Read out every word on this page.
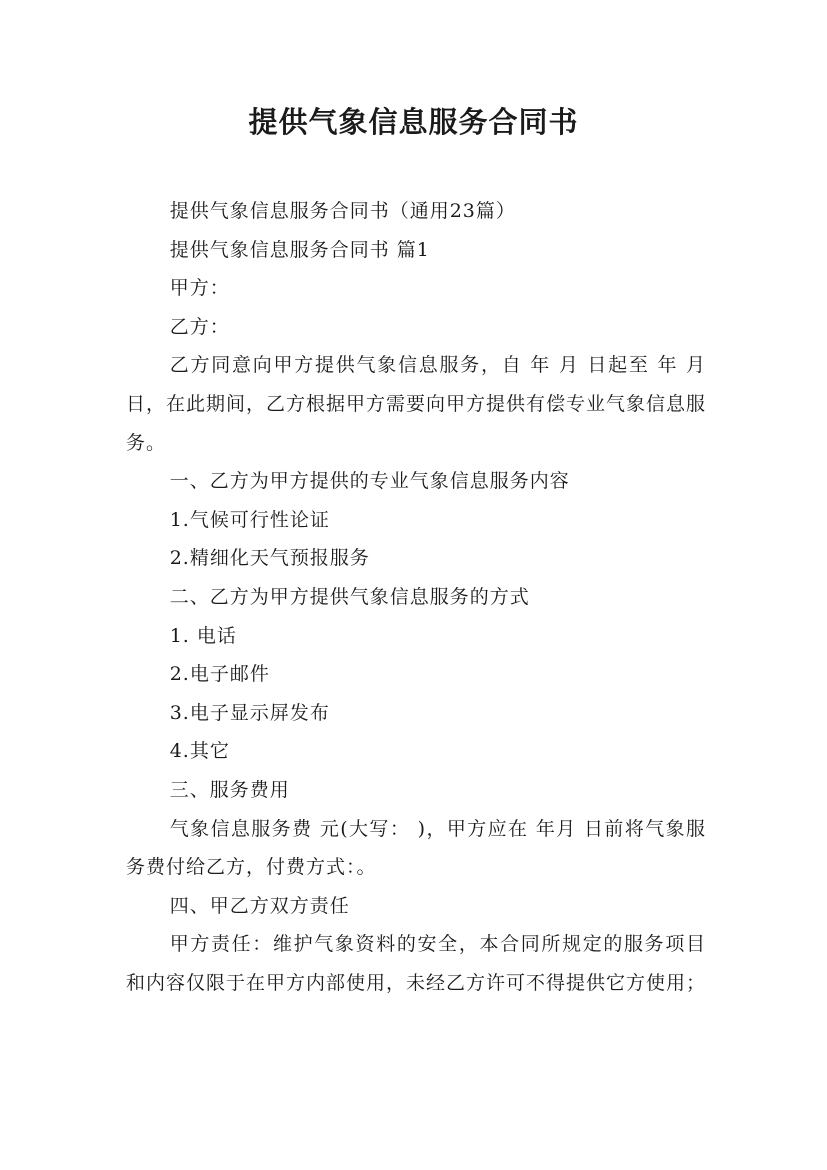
提供气象信息服务合同书

提供气象信息服务合同书（通用23篇）

提供气象信息服务合同书 篇1

甲方：

乙方：

乙方同意向甲方提供气象信息服务，自 年 月 日起至 年 月 日，在此期间，乙方根据甲方需要向甲方提供有偿专业气象信息服务。

一、乙方为甲方提供的专业气象信息服务内容

1.气候可行性论证

2.精细化天气预报服务

二、乙方为甲方提供气象信息服务的方式

1. 电话

2.电子邮件

3.电子显示屏发布

4.其它

三、服务费用

气象信息服务费 元(大写： )，甲方应在 年月 日前将气象服务费付给乙方，付费方式：。

四、甲乙方双方责任

甲方责任：维护气象资料的安全，本合同所规定的服务项目和内容仅限于在甲方内部使用，未经乙方许可不得提供它方使用；
